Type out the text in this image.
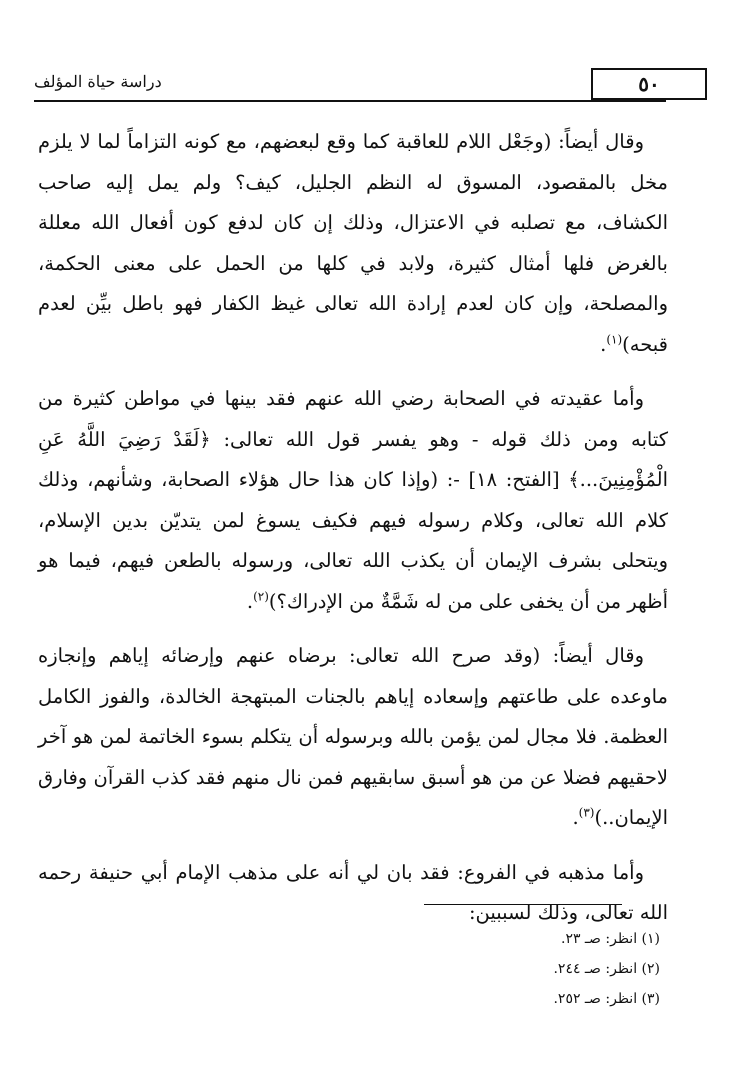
٥٠
دراسة حياة المؤلف

وقال أيضاً: (وجَعْل اللام للعاقبة كما وقع لبعضهم، مع كونه التزاماً لما لا يلزم مخل بالمقصود، المسوق له النظم الجليل، كيف؟ ولم يمل إليه صاحب الكشاف، مع تصلبه في الاعتزال، وذلك إن كان لدفع كون أفعال الله معللة بالغرض فلها أمثال كثيرة، ولابد في كلها من الحمل على معنى الحكمة، والمصلحة، وإن كان لعدم إرادة الله تعالى غيظ الكفار فهو باطل بيِّن لعدم قبحه)$^{(١)}$.

وأما عقيدته في الصحابة رضي الله عنهم فقد بينها في مواطن كثيرة من كتابه ومن ذلك قوله - وهو يفسر قول الله تعالى: ﴿لَقَدْ رَضِيَ اللَّهُ عَنِ الْمُؤْمِنِينَ...﴾ [الفتح: ١٨] -: (وإذا كان هذا حال هؤلاء الصحابة، وشأنهم، وذلك كلام الله تعالى، وكلام رسوله فيهم فكيف يسوغ لمن يتديّن بدين الإسلام، ويتحلى بشرف الإيمان أن يكذب الله تعالى، ورسوله بالطعن فيهم، فيما هو أظهر من أن يخفى على من له شَمَّةٌ من الإدراك؟)$^{(٢)}$.

وقال أيضاً: (وقد صرح الله تعالى: برضاه عنهم وإرضائه إياهم وإنجازه ماوعده على طاعتهم وإسعاده إياهم بالجنات المبتهجة الخالدة، والفوز الكامل العظمة. فلا مجال لمن يؤمن بالله وبرسوله أن يتكلم بسوء الخاتمة لمن هو آخر لاحقيهم فضلا عن من هو أسبق سابقيهم فمن نال منهم فقد كذب القرآن وفارق الإيمان..)$^{(٣)}$.

وأما مذهبه في الفروع: فقد بان لي أنه على مذهب الإمام أبي حنيفة رحمه الله تعالى، وذلك لسببين:

(١) انظر: صـ ٢٣.

(٢) انظر: صـ ٢٤٤.

(٣) انظر: صـ ٢٥٢.
